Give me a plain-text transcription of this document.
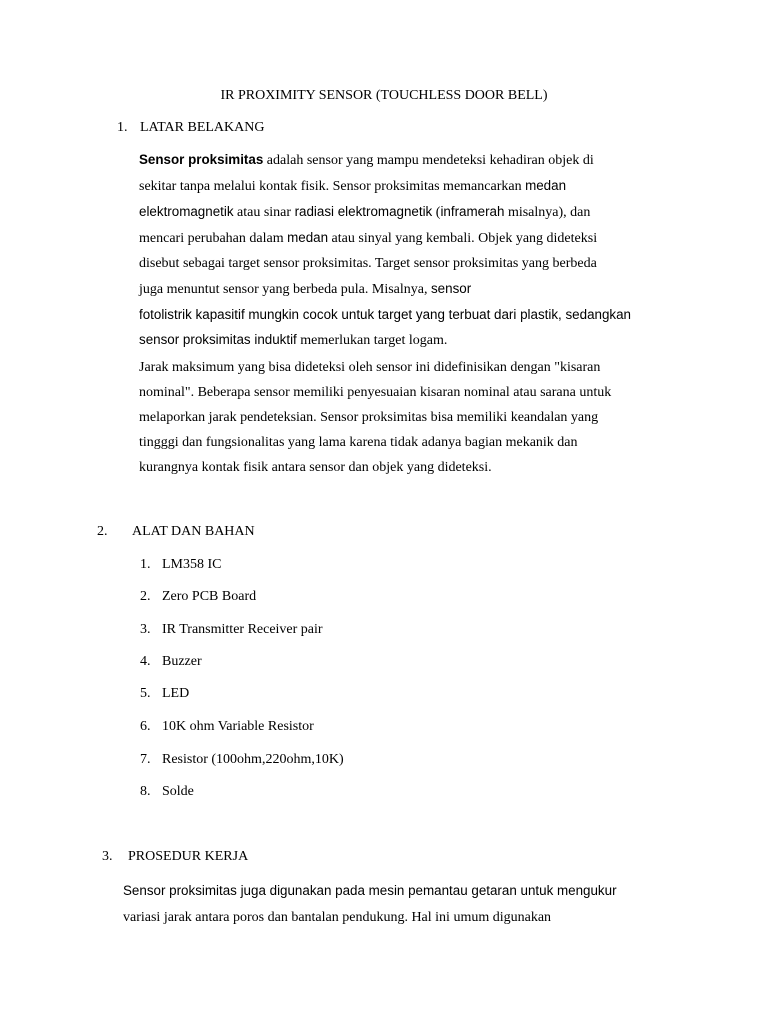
IR PROXIMITY SENSOR (TOUCHLESS DOOR BELL)
1. LATAR BELAKANG
Sensor proksimitas adalah sensor yang mampu mendeteksi kehadiran objek di
sekitar tanpa melalui kontak fisik. Sensor proksimitas memancarkan medan
elektromagnetik atau sinar radiasi elektromagnetik (inframerah misalnya), dan
mencari perubahan dalam medan atau sinyal yang kembali. Objek yang dideteksi
disebut sebagai target sensor proksimitas. Target sensor proksimitas yang berbeda
juga menuntut sensor yang berbeda pula. Misalnya, sensor
fotolistrik kapasitif mungkin cocok untuk target yang terbuat dari plastik, sedangkan
sensor proksimitas induktif memerlukan target logam.
Jarak maksimum yang bisa dideteksi oleh sensor ini didefinisikan dengan "kisaran
nominal". Beberapa sensor memiliki penyesuaian kisaran nominal atau sarana untuk
melaporkan jarak pendeteksian. Sensor proksimitas bisa memiliki keandalan yang
tingggi dan fungsionalitas yang lama karena tidak adanya bagian mekanik dan
kurangnya kontak fisik antara sensor dan objek yang dideteksi.
2. ALAT DAN BAHAN
1. LM358 IC
2. Zero PCB Board
3. IR Transmitter Receiver pair
4. Buzzer
5. LED
6. 10K ohm Variable Resistor
7. Resistor (100ohm,220ohm,10K)
8. Solde
3. PROSEDUR KERJA
Sensor proksimitas juga digunakan pada mesin pemantau getaran untuk mengukur
variasi jarak antara poros dan bantalan pendukung. Hal ini umum digunakan
